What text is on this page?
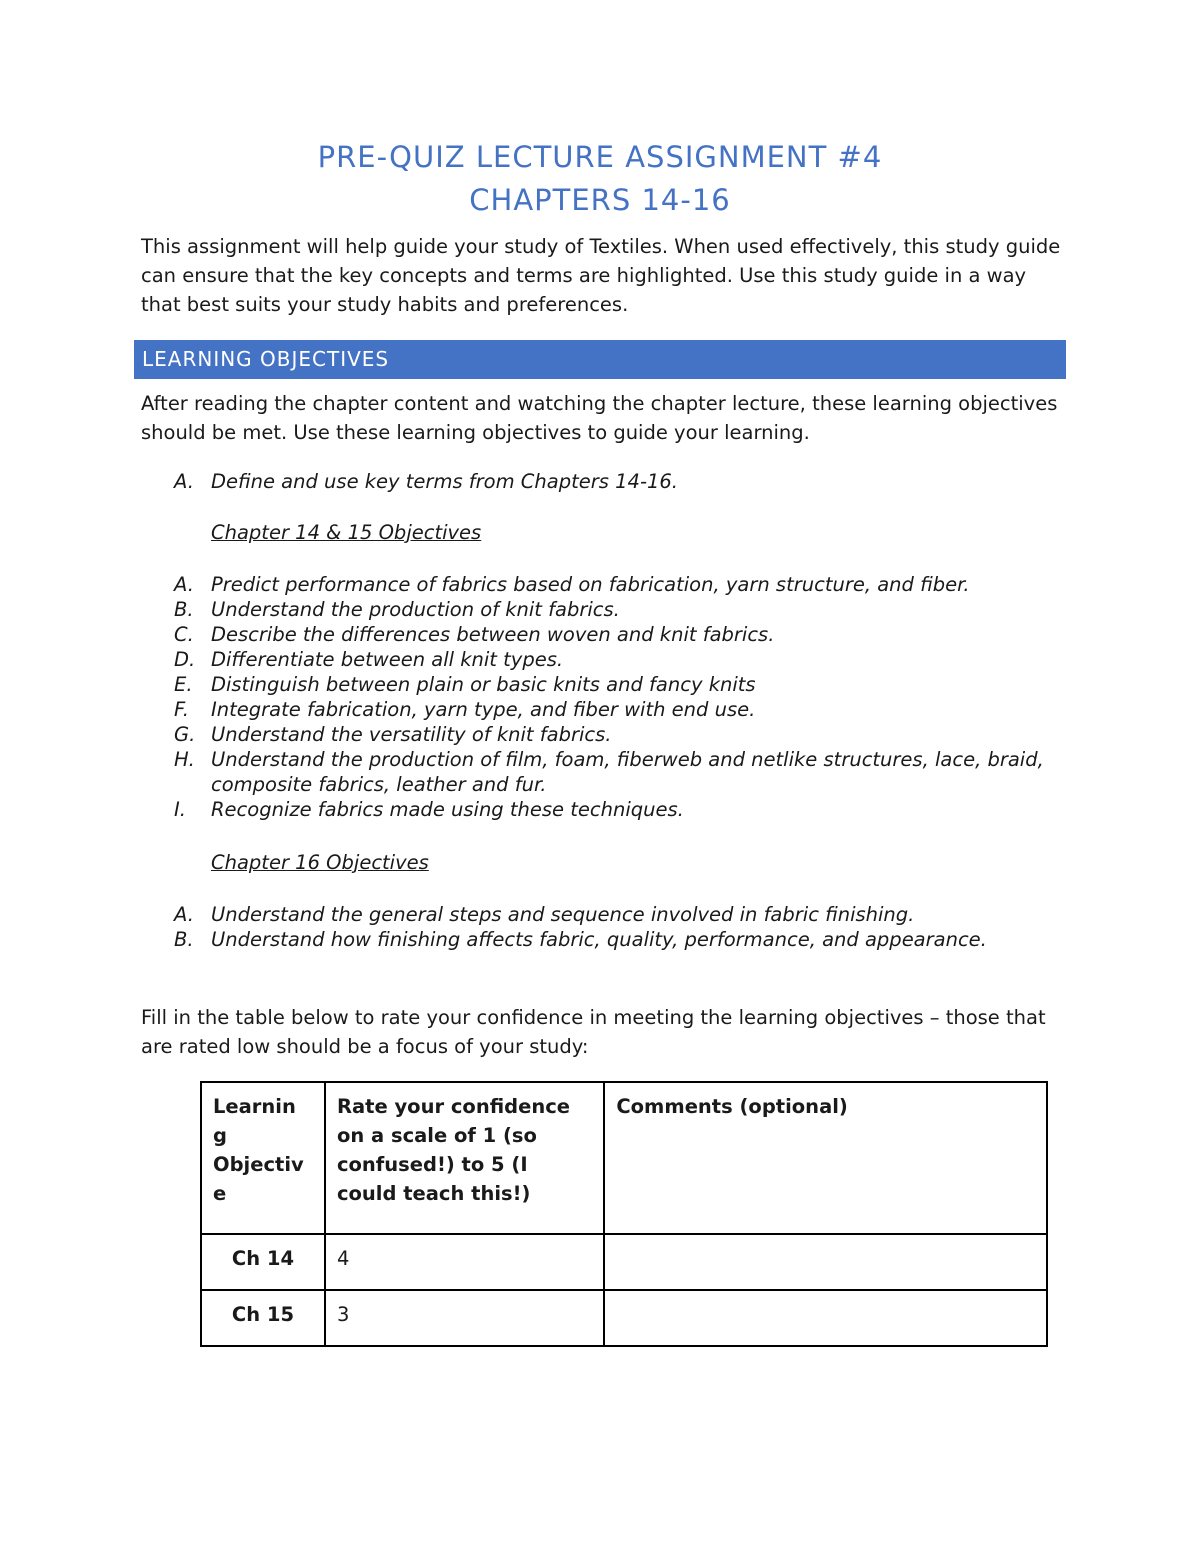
PRE-QUIZ LECTURE ASSIGNMENT #4
CHAPTERS 14-16

This assignment will help guide your study of Textiles. When used effectively, this study guide can ensure that the key concepts and terms are highlighted. Use this study guide in a way that best suits your study habits and preferences.

LEARNING OBJECTIVES

After reading the chapter content and watching the chapter lecture, these learning objectives should be met. Use these learning objectives to guide your learning.

A. Define and use key terms from Chapters 14-16.
Chapter 14 & 15 Objectives
A. Predict performance of fabrics based on fabrication, yarn structure, and fiber.
B. Understand the production of knit fabrics.
C. Describe the differences between woven and knit fabrics.
D. Differentiate between all knit types.
E. Distinguish between plain or basic knits and fancy knits
F. Integrate fabrication, yarn type, and fiber with end use.
G. Understand the versatility of knit fabrics.
H. Understand the production of film, foam, fiberweb and netlike structures, lace, braid, composite fabrics, leather and fur.
I. Recognize fabrics made using these techniques.
Chapter 16 Objectives
A. Understand the general steps and sequence involved in fabric finishing.
B. Understand how finishing affects fabric, quality, performance, and appearance.

Fill in the table below to rate your confidence in meeting the learning objectives – those that are rated low should be a focus of your study:

Learnin g Objectiv e	Rate your confidence on a scale of 1 (so confused!) to 5 (I could teach this!)	Comments (optional)
Ch 14	4	
Ch 15	3	
